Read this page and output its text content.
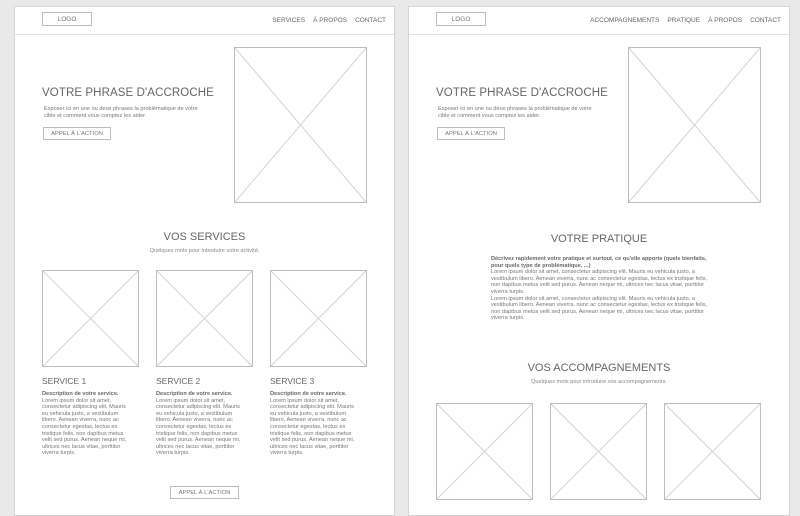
LOGO	SERVICES À PROPOS CONTACT
VOTRE PHRASE D'ACCROCHE
Exposer ici en une ou deux phrases la problématique de votre cible et comment vous comptez les aider.
APPEL À L'ACTION
VOS SERVICES
Quelques mots pour introduire votre activité.
SERVICE 1	SERVICE 2	SERVICE 3
Description de votre service.
Lorem ipsum dolor sit amet, consectetur adipiscing elit. Mauris eu vehicula justo, a vestibulum libero. Aenean viverra, nunc ac consectetur egestas, lectus ex tristique felis, non dapibus metus velit sed purus. Aenean neque mi, ultrices nec lacus vitae, porttitor viverra turpis.
Description de votre service.
Lorem ipsum dolor sit amet, consectetur adipiscing elit. Mauris eu vehicula justo, a vestibulum libero. Aenean viverra, nunc ac consectetur egestas, lectus ex tristique felis, non dapibus metus velit sed purus. Aenean neque mi, ultrices nec lacus vitae, porttitor viverra turpis.
Description de votre service.
Lorem ipsum dolor sit amet, consectetur adipiscing elit. Mauris eu vehicula justo, a vestibulum libero. Aenean viverra, nunc ac consectetur egestas, lectus ex tristique felis, non dapibus metus velit sed purus. Aenean neque mi, ultrices nec lacus vitae, porttitor viverra turpis.
APPEL À L'ACTION
LOGO	ACCOMPAGNEMENTS PRATIQUE À PROPOS CONTACT
VOTRE PHRASE D'ACCROCHE
Exposer ici en une ou deux phrases la problématique de votre cible et comment vous comptez les aider.
APPEL À L'ACTION
VOTRE PRATIQUE
Décrivez rapidement votre pratique et surtout, ce qu'elle apporte (quels bienfaits, pour quels type de problématique, ...)

Lorem ipsum dolor sit amet, consectetur adipiscing elit. Mauris eu vehicula justo, a vestibulum libero. Aenean viverra, nunc ac consectetur egestas, lectus ex tristique felis, non dapibus metus velit sed purus. Aenean neque mi, ultrices nec lacus vitae, porttitor viverra turpis.

Lorem ipsum dolor sit amet, consectetur adipiscing elit. Mauris eu vehicula justo, a vestibulum libero. Aenean viverra, nunc ac consectetur egestas, lectus ex tristique felis, non dapibus metus velit sed purus. Aenean neque mi, ultrices nec lacus vitae, porttitor viverra turpis.

VOS ACCOMPAGNEMENTS
Quelques mots pour introduire vos accompagnements.
